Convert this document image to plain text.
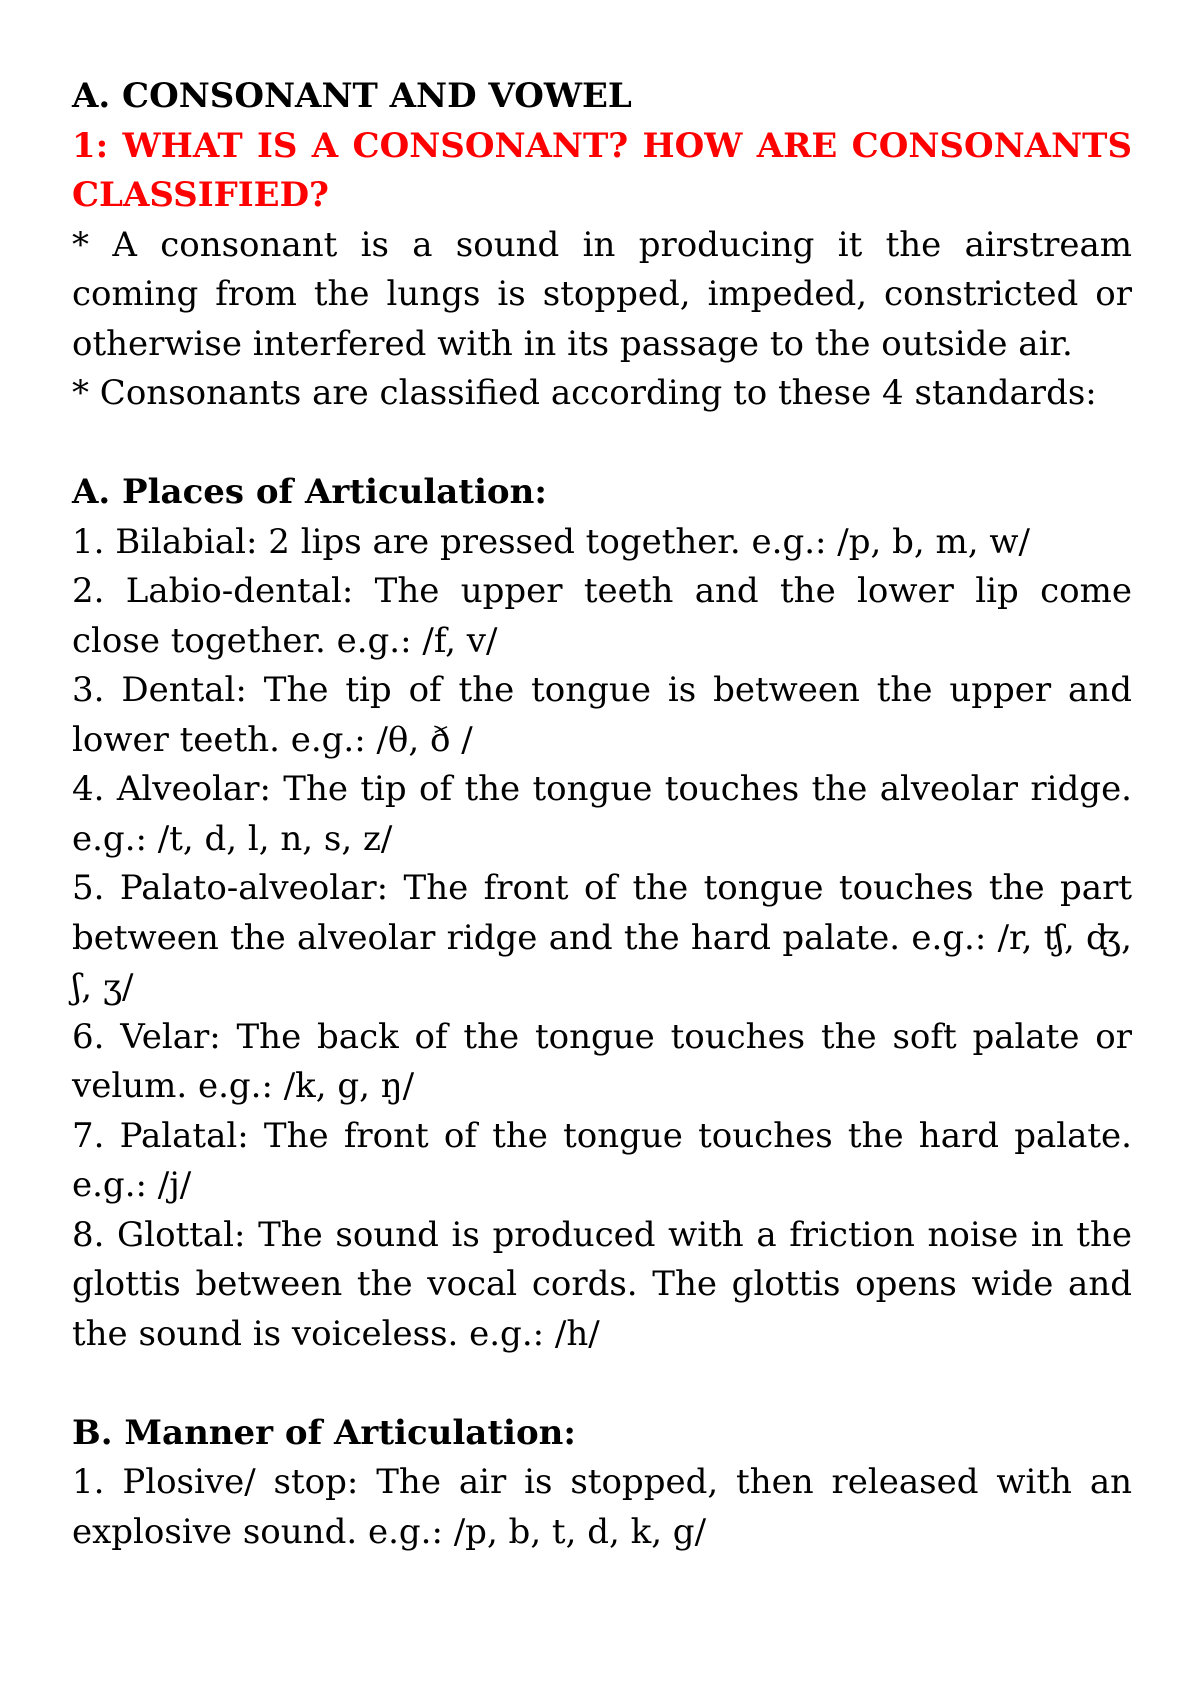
A. CONSONANT AND VOWEL

1: WHAT IS A CONSONANT? HOW ARE CONSONANTS CLASSIFIED?

* A consonant is a sound in producing it the airstream coming from the lungs is stopped, impeded, constricted or otherwise interfered with in its passage to the outside air.

* Consonants are classified according to these 4 standards:

A. Places of Articulation:

1. Bilabial: 2 lips are pressed together. e.g.: /p, b, m, w/

2. Labio-dental: The upper teeth and the lower lip come close together. e.g.: /f, v/

3. Dental: The tip of the tongue is between the upper and lower teeth. e.g.: /θ, ð /

4. Alveolar: The tip of the tongue touches the alveolar ridge. e.g.: /t, d, l, n, s, z/

5. Palato-alveolar: The front of the tongue touches the part between the alveolar ridge and the hard palate. e.g.: /r, ʧ, ʤ, ʃ, ʒ/

6. Velar: The back of the tongue touches the soft palate or velum. e.g.: /k, g, ŋ/

7. Palatal: The front of the tongue touches the hard palate. e.g.: /j/

8. Glottal: The sound is produced with a friction noise in the glottis between the vocal cords. The glottis opens wide and the sound is voiceless. e.g.: /h/

B. Manner of Articulation:

1. Plosive/ stop: The air is stopped, then released with an explosive sound. e.g.: /p, b, t, d, k, g/
